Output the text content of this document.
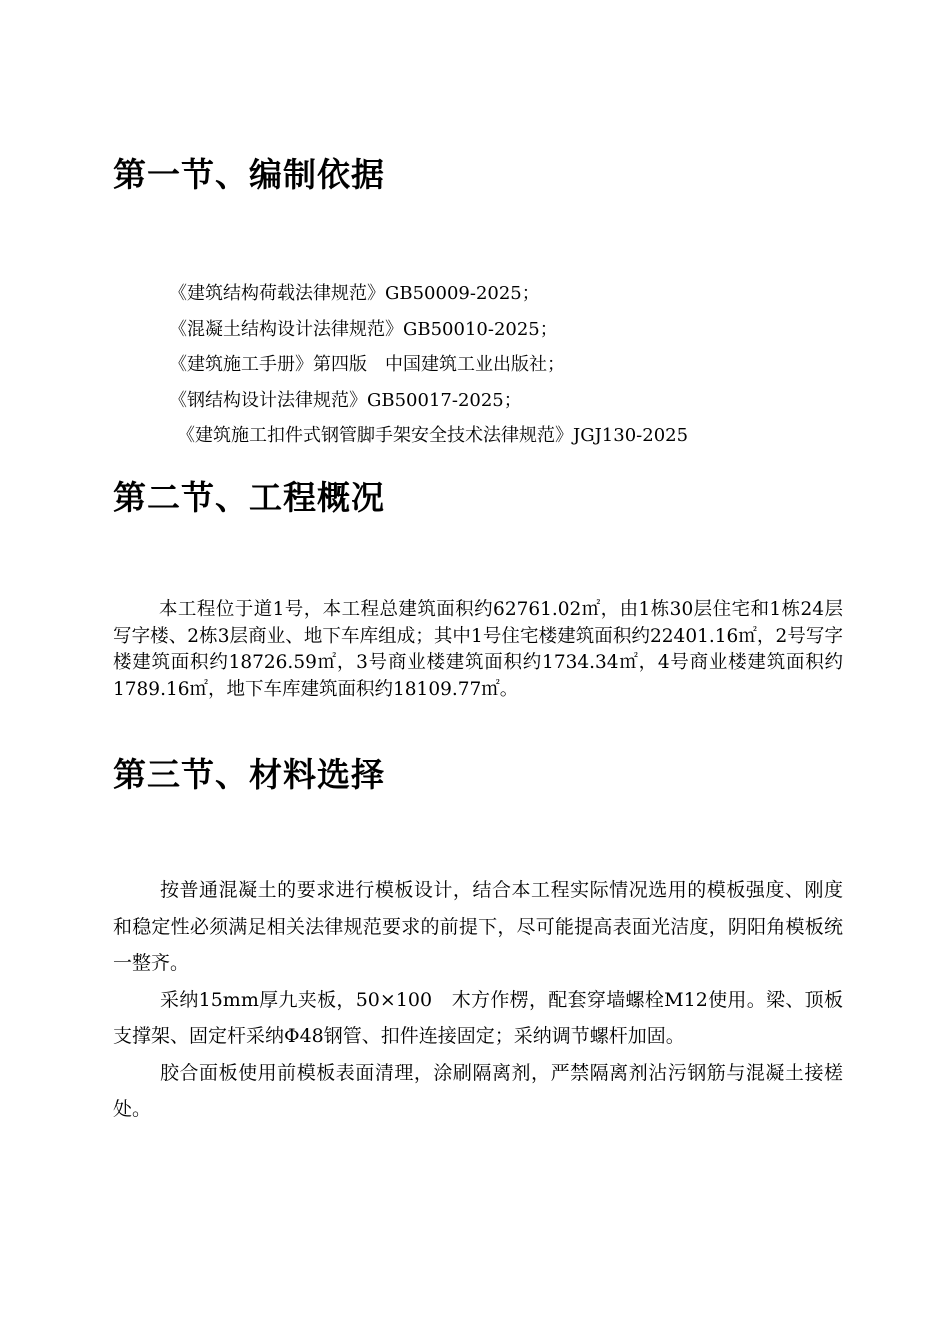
第一节、编制依据
《建筑结构荷载法律规范》GB50009-2025；
《混凝土结构设计法律规范》GB50010-2025；
《建筑施工手册》第四版　中国建筑工业出版社；
《钢结构设计法律规范》GB50017-2025；
《建筑施工扣件式钢管脚手架安全技术法律规范》JGJ130-2025
第二节、工程概况

本工程位于道1号，本工程总建筑面积约62761.02㎡，由1栋30层住宅和1栋24层写字楼、2栋3层商业、地下车库组成；其中1号住宅楼建筑面积约22401.16㎡，2号写字楼建筑面积约18726.59㎡，3号商业楼建筑面积约1734.34㎡，4号商业楼建筑面积约1789.16㎡，地下车库建筑面积约18109.77㎡。

第三节、材料选择

按普通混凝土的要求进行模板设计，结合本工程实际情况选用的模板强度、刚度和稳定性必须满足相关法律规范要求的前提下，尽可能提高表面光洁度，阴阳角模板统一整齐。

采纳15mm厚九夹板，50×100　木方作楞，配套穿墙螺栓M12使用。梁、顶板支撑架、固定杆采纳Φ48钢管、扣件连接固定；采纳调节螺杆加固。

胶合面板使用前模板表面清理，涂刷隔离剂，严禁隔离剂沾污钢筋与混凝土接槎处。
